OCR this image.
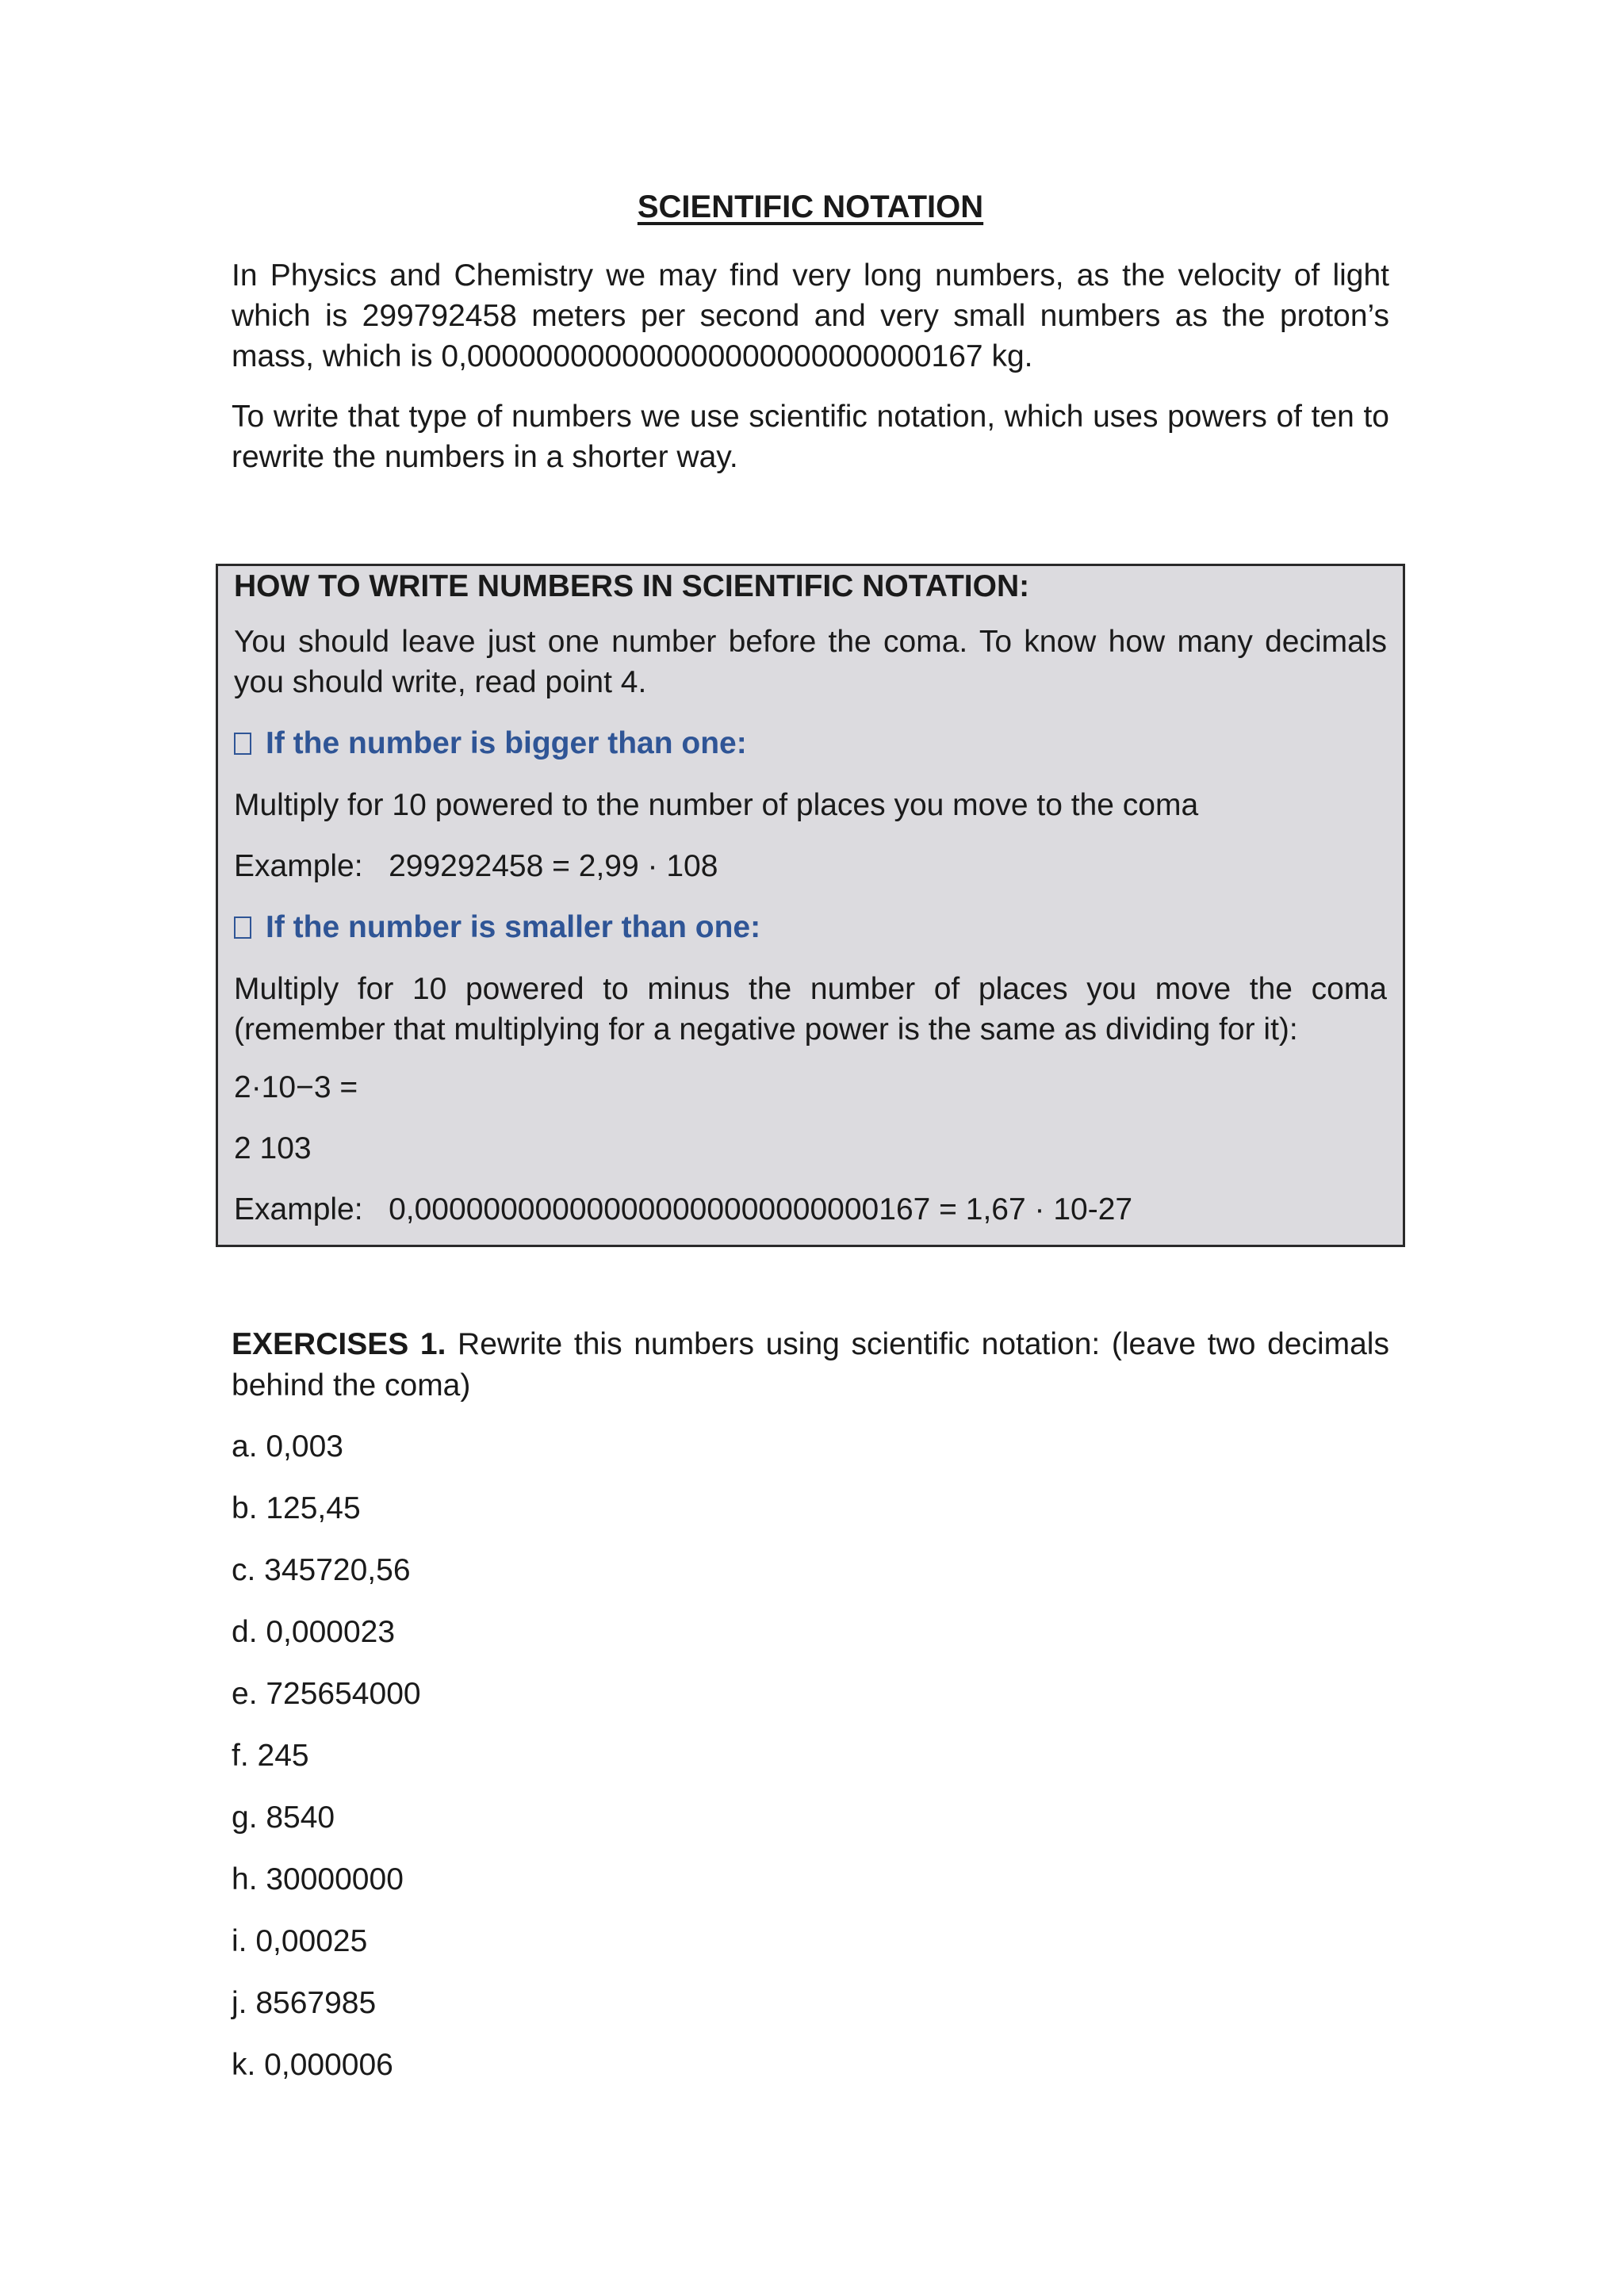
SCIENTIFIC NOTATION

In Physics and Chemistry we may find very long numbers, as the velocity of light which is 299792458 meters per second and very small numbers as the proton’s mass, which is 0,000000000000000000000000000167 kg.

To write that type of numbers we use scientific notation, which uses powers of ten to rewrite the numbers in a shorter way.

HOW TO WRITE NUMBERS IN SCIENTIFIC NOTATION:

You should leave just one number before the coma. To know how many decimals you should write, read point 4.

If the number is bigger than one:

Multiply for 10 powered to the number of places you move to the coma

Example: 299292458 = 2,99 · 108

If the number is smaller than one:

Multiply for 10 powered to minus the number of places you move the coma (remember that multiplying for a negative power is the same as dividing for it):

2·10−3 =

2 103

Example: 0,000000000000000000000000000167 = 1,67 · 10-27

EXERCISES 1. Rewrite this numbers using scientific notation: (leave two decimals behind the coma)

a. 0,003

b. 125,45

c. 345720,56

d. 0,000023

e. 725654000

f. 245

g. 8540

h. 30000000

i. 0,00025

j. 8567985

k. 0,000006
